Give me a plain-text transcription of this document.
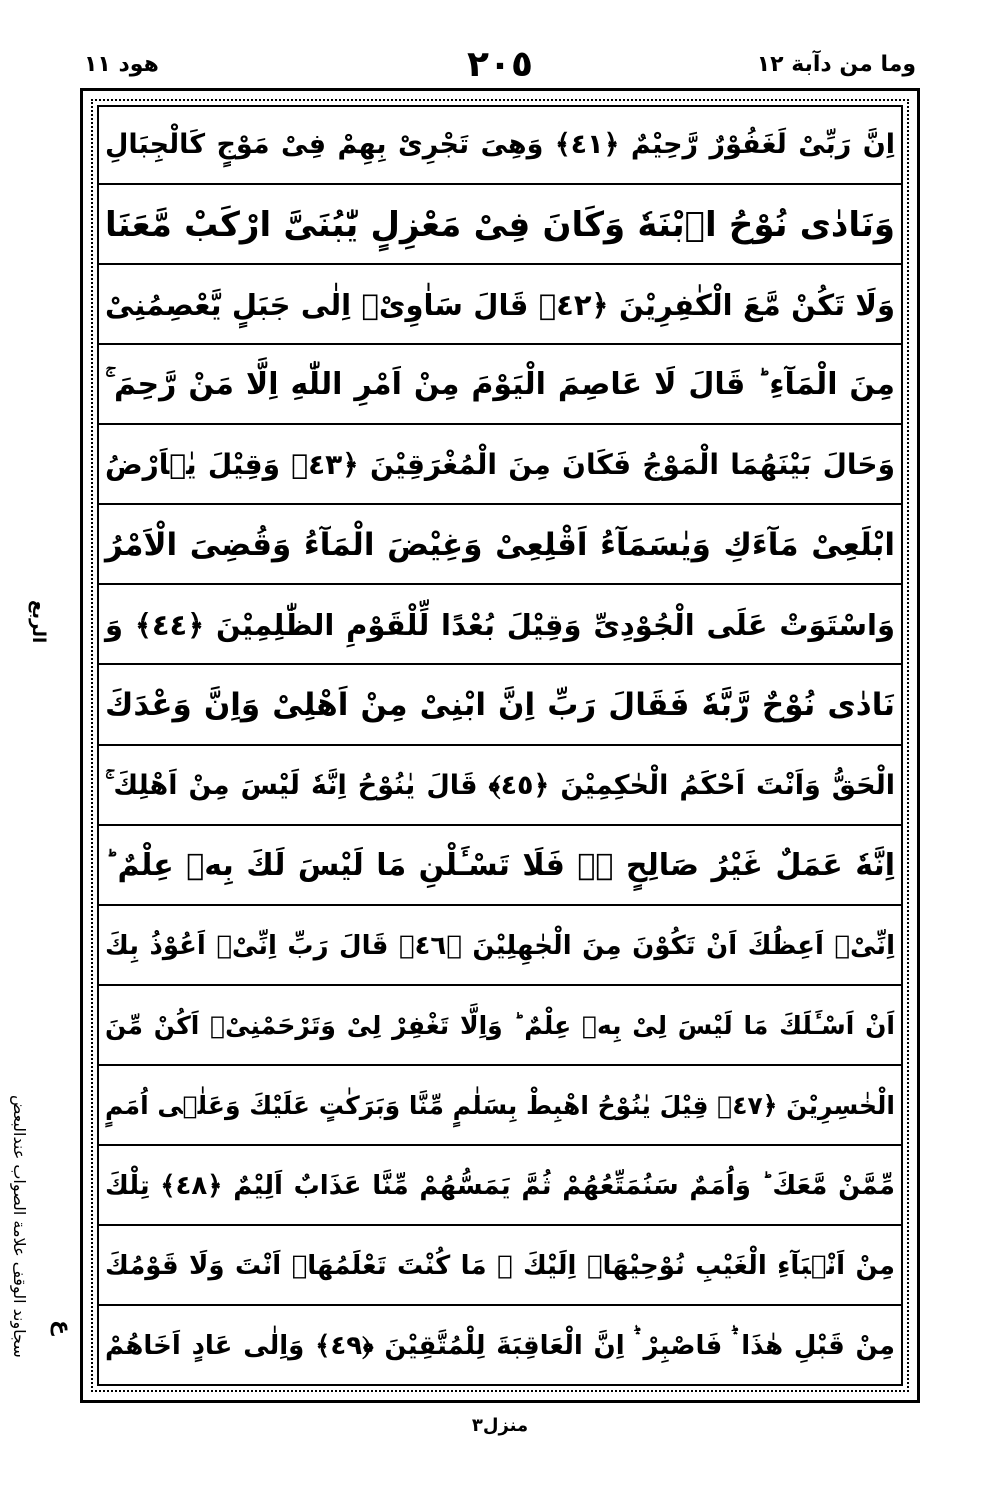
هود ١١	٢٠٥	وما من دآبة ١٢
اِنَّ رَبِّیْ لَغَفُوْرٌ رَّحِیْمٌ ﴿٤١﴾ وَھِیَ تَجْرِیْ بِھِمْ فِیْ مَوْجٍ كَالْجِبَالِ
وَنَادٰی نُوْحُ ا۟بْنَهٗ وَكَانَ فِیْ مَعْزِلٍ یّٰبُنَیَّ ارْكَبْ مَّعَنَا
وَلَا تَكُنْ مَّعَ الْكٰفِرِیْنَ ﴿٤٢﴾ قَالَ سَاٰوِیْۤ اِلٰی جَبَلٍ یَّعْصِمُنِیْ
مِنَ الْمَآءِ ؕ قَالَ لَا عَاصِمَ الْیَوْمَ مِنْ اَمْرِ اللّٰهِ اِلَّا مَنْ رَّحِمَ ۚ
وَحَالَ بَیْنَهُمَا الْمَوْجُ فَكَانَ مِنَ الْمُغْرَقِیْنَ ﴿٤٣﴾ وَقِیْلَ یٰۤاَرْضُ
ابْلَعِیْ مَآءَكِ وَیٰسَمَآءُ اَقْلِعِیْ وَغِیْضَ الْمَآءُ وَقُضِیَ الْاَمْرُ
وَاسْتَوَتْ عَلَی الْجُوْدِیِّ وَقِیْلَ بُعْدًا لِّلْقَوْمِ الظّٰلِمِیْنَ ﴿٤٤﴾ وَ
نَادٰی نُوْحٌ رَّبَّهٗ فَقَالَ رَبِّ اِنَّ ابْنِیْ مِنْ اَهْلِیْ وَاِنَّ وَعْدَكَ
الْحَقُّ وَاَنْتَ اَحْكَمُ الْحٰكِمِیْنَ ﴿٤٥﴾ قَالَ یٰنُوْحُ اِنَّهٗ لَیْسَ مِنْ اَهْلِكَ ۚ
اِنَّهٗ عَمَلٌ غَیْرُ صَالِحٍ ۖۗ فَلَا تَسْـَٔلْنِ مَا لَیْسَ لَكَ بِهٖ عِلْمٌ ؕ
اِنِّیْۤ اَعِظُكَ اَنْ تَكُوْنَ مِنَ الْجٰهِلِیْنَ ﴿٤٦﴾ قَالَ رَبِّ اِنِّیْۤ اَعُوْذُ بِكَ
اَنْ اَسْـَٔلَكَ مَا لَیْسَ لِیْ بِهٖ عِلْمٌ ؕ وَاِلَّا تَغْفِرْ لِیْ وَتَرْحَمْنِیْۤ اَكُنْ مِّنَ
الْخٰسِرِیْنَ ﴿٤٧﴾ قِیْلَ یٰنُوْحُ اهْبِطْ بِسَلٰمٍ مِّنَّا وَبَرَكٰتٍ عَلَیْكَ وَعَلٰۤی اُمَمٍ
مِّمَّنْ مَّعَكَ ؕ وَاُمَمٌ سَنُمَتِّعُهُمْ ثُمَّ یَمَسُّهُمْ مِّنَّا عَذَابٌ اَلِیْمٌ ﴿٤٨﴾ تِلْكَ
مِنْ اَنْۢبَآءِ الْغَیْبِ نُوْحِیْهَاۤ اِلَیْكَ ۚ مَا كُنْتَ تَعْلَمُهَاۤ اَنْتَ وَلَا قَوْمُكَ
مِنْ قَبْلِ هٰذَا ۛؕ فَاصْبِرْ ۛؕ اِنَّ الْعَاقِبَةَ لِلْمُتَّقِیْنَ ﴿٤٩﴾ وَاِلٰی عَادٍ اَخَاهُمْ
الربع
سجاوند الوقف علامة الصواب عندالبعض ع
منزل٣
